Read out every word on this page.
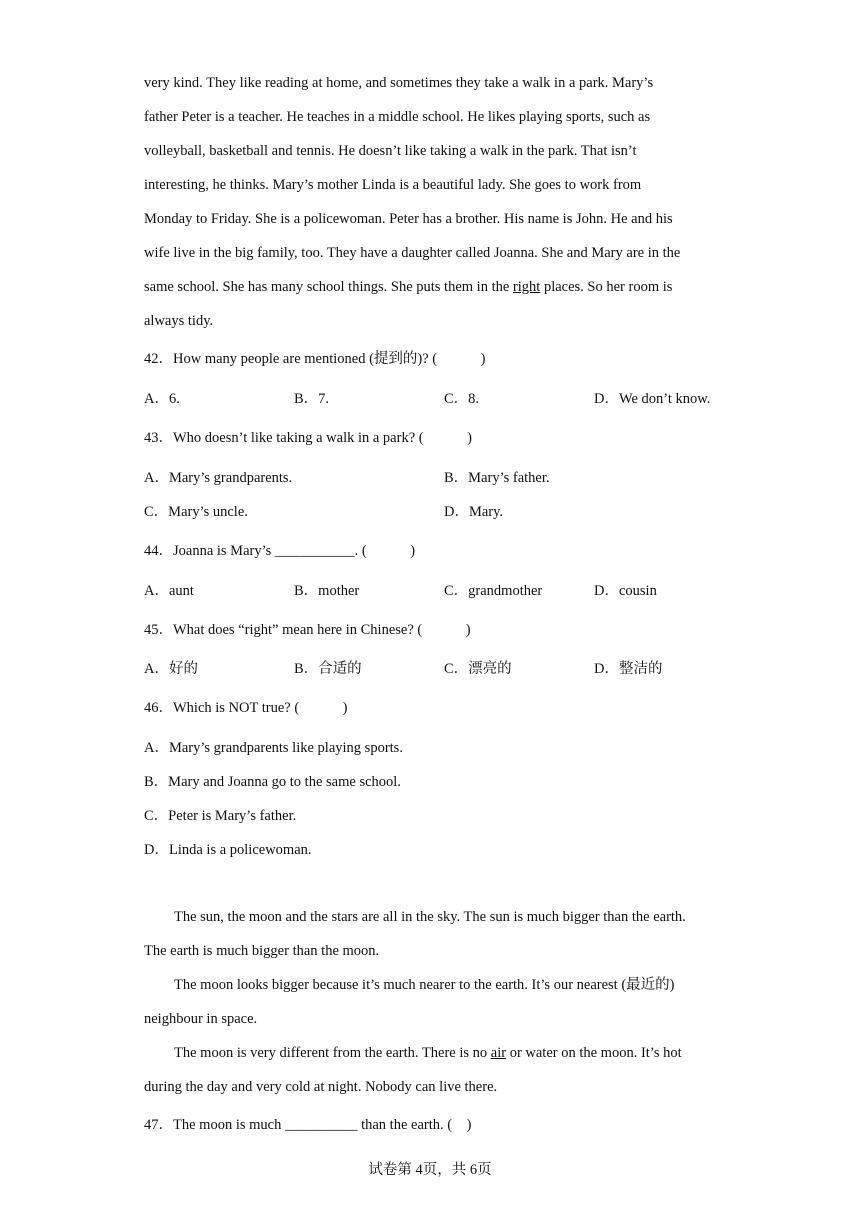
very kind. They like reading at home, and sometimes they take a walk in a park. Mary’s
father Peter is a teacher. He teaches in a middle school. He likes playing sports, such as
volleyball, basketball and tennis. He doesn’t like taking a walk in the park. That isn’t
interesting, he thinks. Mary’s mother Linda is a beautiful lady. She goes to work from
Monday to Friday. She is a policewoman. Peter has a brother. His name is John. He and his
wife live in the big family, too. They have a daughter called Joanna. She and Mary are in the
same school. She has many school things. She puts them in the right places. So her room is
always tidy.
42．How many people are mentioned (提到的)? (　　　)
A．6.	B．7.	C．8.	D．We don’t know.
43．Who doesn’t like taking a walk in a park? (　　　)
A．Mary’s grandparents.	B．Mary’s father.
C．Mary’s uncle.	D．Mary.
44．Joanna is Mary’s ___________. (　　　)
A．aunt	B．mother	C．grandmother	D．cousin
45．What does “right” mean here in Chinese? (　　　)
A．好的	B．合适的	C．漂亮的	D．整洁的
46．Which is NOT true? (　　　)
A．Mary’s grandparents like playing sports.
B．Mary and Joanna go to the same school.
C．Peter is Mary’s father.
D．Linda is a policewoman.
The sun, the moon and the stars are all in the sky. The sun is much bigger than the earth.
The earth is much bigger than the moon.
The moon looks bigger because it’s much nearer to the earth. It’s our nearest (最近的)
neighbour in space.
The moon is very different from the earth. There is no air or water on the moon. It’s hot
during the day and very cold at night. Nobody can live there.
47．The moon is much __________ than the earth. (　)
试卷第 4页，共 6页
